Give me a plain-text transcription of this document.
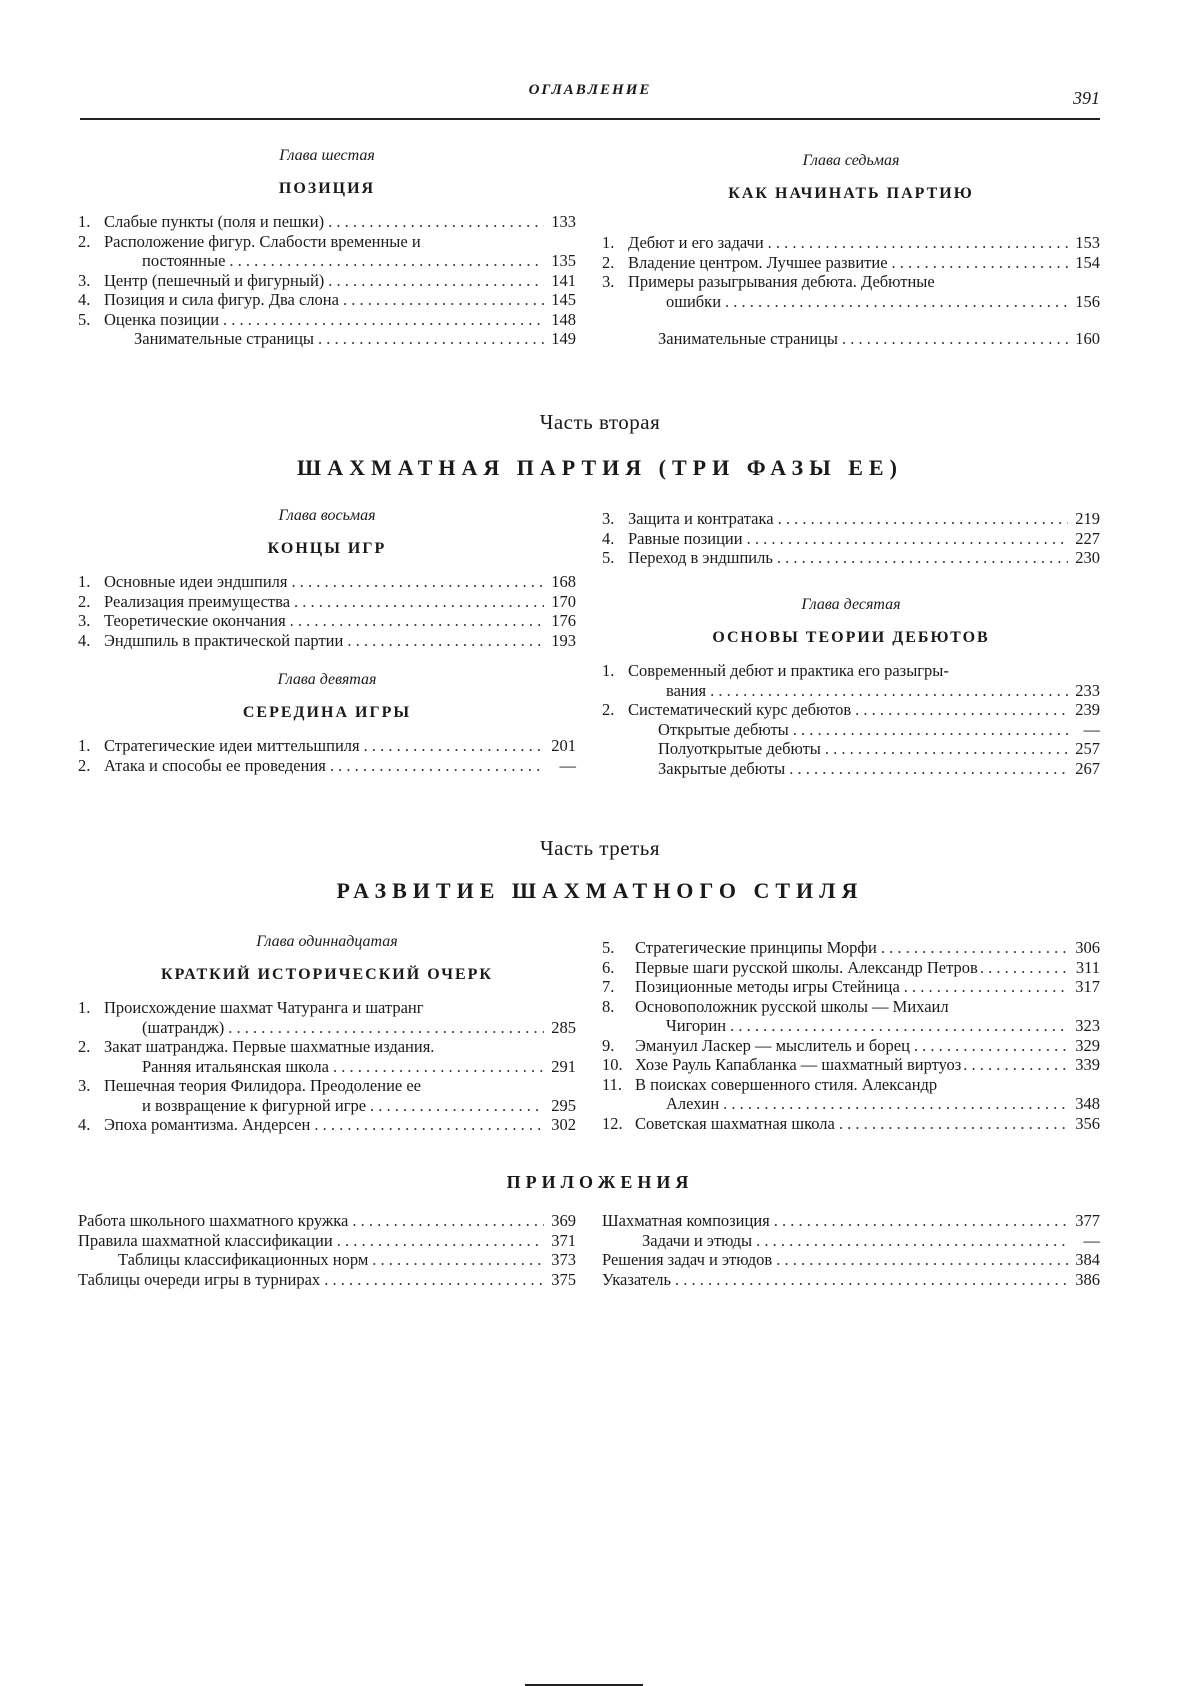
ОГЛАВЛЕНИЕ	391
Глава шестая
ПОЗИЦИЯ
1. Слабые пункты (поля и пешки) . . .	133
2. Расположение фигур. Слабости временные и
постоянные . . .	135
3. Центр (пешечный и фигурный) . . .	141
4. Позиция и сила фигур. Два слона . . .	145
5. Оценка позиции . . .	148
Занимательные страницы . . .	149
Глава седьмая
КАК НАЧИНАТЬ ПАРТИЮ
1. Дебют и его задачи . . .	153
2. Владение центром. Лучшее развитие . . .	154
3. Примеры разыгрывания дебюта. Дебютные
ошибки . . .	156
Занимательные страницы . . .	160
Часть вторая
ШАХМАТНАЯ ПАРТИЯ (ТРИ ФАЗЫ ЕЕ)
Глава восьмая
КОНЦЫ ИГР
1. Основные идеи эндшпиля . . .	168
2. Реализация преимущества . . .	170
3. Теоретические окончания . . .	176
4. Эндшпиль в практической партии . . .	193
Глава девятая
СЕРЕДИНА ИГРЫ
1. Стратегические идеи миттельшпиля . . .	201
2. Атака и способы ее проведения . . .	—
3. Защита и контратака . . .	219
4. Равные позиции . . .	227
5. Переход в эндшпиль . . .	230
Глава десятая
ОСНОВЫ ТЕОРИИ ДЕБЮТОВ
1. Современный дебют и практика его разыгры-
вания . . .	233
2. Систематический курс дебютов . . .	239
Открытые дебюты . . .	—
Полуоткрытые дебюты . . .	257
Закрытые дебюты . . .	267
Часть третья
РАЗВИТИЕ ШАХМАТНОГО СТИЛЯ
Глава одиннадцатая
КРАТКИЙ ИСТОРИЧЕСКИЙ ОЧЕРК
1. Происхождение шахмат Чатуранга и шатранг
(шатрандж) . . .	285
2. Закат шатранджа. Первые шахматные издания.
Ранняя итальянская школа . . .	291
3. Пешечная теория Филидора. Преодоление ее
и возвращение к фигурной игре . . .	295
4. Эпоха романтизма. Андерсен . . .	302
5.	Стратегические принципы Морфи . . .	306
6.	Первые шаги русской школы. Александр Петров . . .	311
7.	Позиционные методы игры Стейница . . .	317
8.	Основоположник русской школы — Михаил
Чигорин . . .	323
9.	Эмануил Ласкер — мыслитель и борец . . .	329
10. Хозе Рауль Капабланка — шахматный виртуоз . . .	339
11. В поисках совершенного стиля. Александр
Алехин . . .	348
12. Советская шахматная школа . . .	356
ПРИЛОЖЕНИЯ
Работа школьного шахматного кружка . . .	369
Правила шахматной классификации . . .	371
Таблицы классификационных норм . . .	373
Таблицы очереди игры в турнирах . . .	375
Шахматная композиция . . .	377
Задачи и этюды . . .	—
Решения задач и этюдов . . .	384
Указатель . . .	386
